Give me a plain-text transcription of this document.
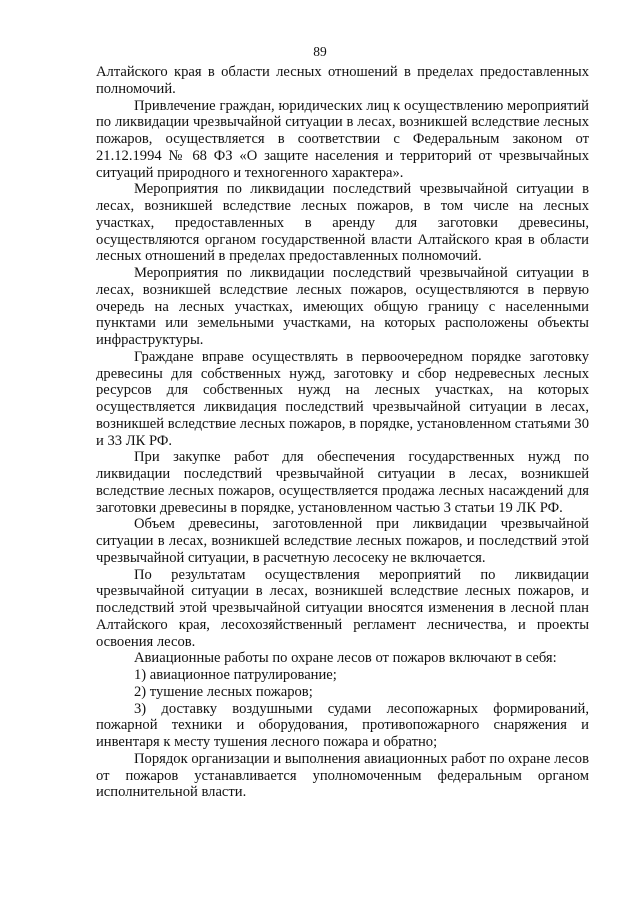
89

Алтайского края в области лесных отношений в пределах предоставленных полномочий.

Привлечение граждан, юридических лиц к осуществлению мероприятий по ликвидации чрезвычайной ситуации в лесах, возникшей вследствие лесных пожаров, осуществляется в соответствии с Федеральным законом от 21.12.1994 № 68 ФЗ «О защите населения и территорий от чрезвычайных ситуаций природного и техногенного характера».

Мероприятия по ликвидации последствий чрезвычайной ситуации в лесах, возникшей вследствие лесных пожаров, в том числе на лесных участках, предоставленных в аренду для заготовки древесины, осуществляются органом государственной власти Алтайского края в области лесных отношений в пределах предоставленных полномочий.

Мероприятия по ликвидации последствий чрезвычайной ситуации в лесах, возникшей вследствие лесных пожаров, осуществляются в первую очередь на лесных участках, имеющих общую границу с населенными пунктами или земельными участками, на которых расположены объекты инфраструктуры.

Граждане вправе осуществлять в первоочередном порядке заготовку древесины для собственных нужд, заготовку и сбор недревесных лесных ресурсов для собственных нужд на лесных участках, на которых осуществляется ликвидация последствий чрезвычайной ситуации в лесах, возникшей вследствие лесных пожаров, в порядке, установленном статьями 30 и 33 ЛК РФ.

При закупке работ для обеспечения государственных нужд по ликвидации последствий чрезвычайной ситуации в лесах, возникшей вследствие лесных пожаров, осуществляется продажа лесных насаждений для заготовки древесины в порядке, установленном частью 3 статьи 19 ЛК РФ.

Объем древесины, заготовленной при ликвидации чрезвычайной ситуации в лесах, возникшей вследствие лесных пожаров, и последствий этой чрезвычайной ситуации, в расчетную лесосеку не включается.

По результатам осуществления мероприятий по ликвидации чрезвычайной ситуации в лесах, возникшей вследствие лесных пожаров, и последствий этой чрезвычайной ситуации вносятся изменения в лесной план Алтайского края, лесохозяйственный регламент лесничества, и проекты освоения лесов.

Авиационные работы по охране лесов от пожаров включают в себя:

1) авиационное патрулирование;

2) тушение лесных пожаров;

3) доставку воздушными судами лесопожарных формирований, пожарной техники и оборудования, противопожарного снаряжения и инвентаря к месту тушения лесного пожара и обратно;

Порядок организации и выполнения авиационных работ по охране лесов от пожаров устанавливается уполномоченным федеральным органом исполнительной власти.
